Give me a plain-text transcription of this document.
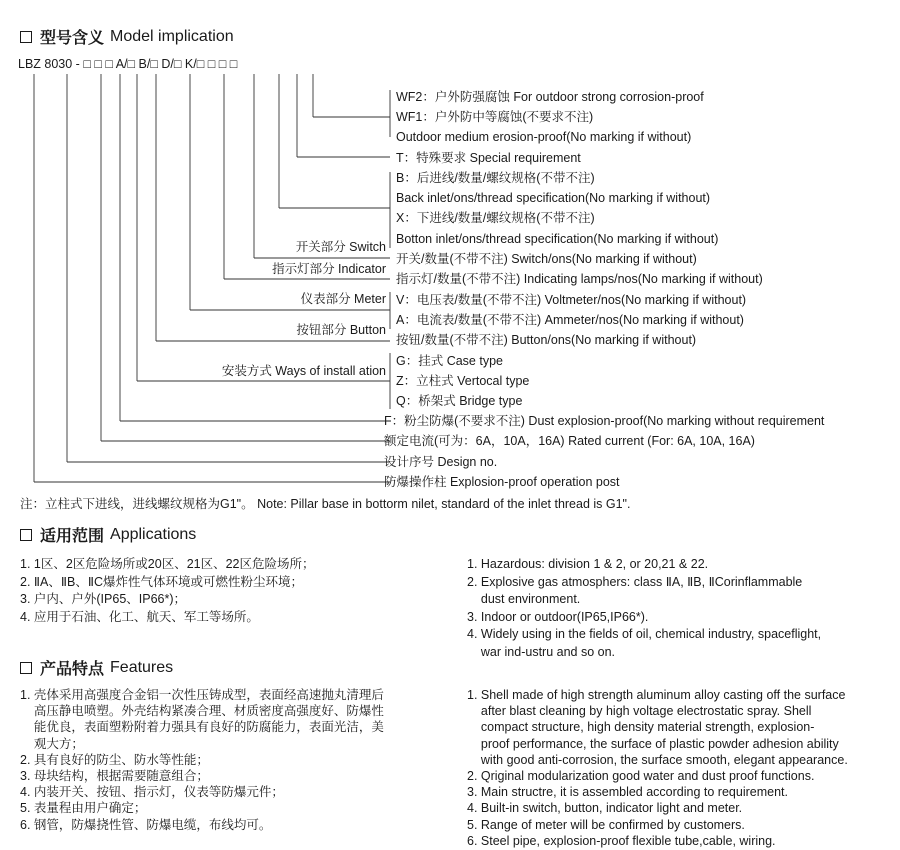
型号含义 Model implication
LBZ 8030 - □ □ □ A/□ B/□ D/□ K/□ □ □ □
WF2：户外防强腐蚀 For outdoor strong corrosion-proof
WF1：户外防中等腐蚀(不要求不注)
Outdoor medium erosion-proof(No marking if without)
T：特殊要求 Special requirement
B：后进线/数量/螺纹规格(不带不注)
Back inlet/ons/thread specification(No marking if without)
X：下进线/数量/螺纹规格(不带不注)
Botton inlet/ons/thread specification(No marking if without)
开关/数量(不带不注) Switch/ons(No marking if without)
指示灯/数量(不带不注) Indicating lamps/nos(No marking if without)
V：电压表/数量(不带不注) Voltmeter/nos(No marking if without)
A：电流表/数量(不带不注) Ammeter/nos(No marking if without)
按钮/数量(不带不注) Button/ons(No marking if without)
G：挂式 Case type
Z：立柱式 Vertocal type
Q：桥架式 Bridge type
F：粉尘防爆(不要求不注) Dust explosion-proof(No marking without requirement
额定电流(可为：6A，10A，16A) Rated current (For: 6A, 10A, 16A)
设计序号 Design no.
防爆操作柱 Explosion-proof operation post
开关部分 Switch
指示灯部分 Indicator
仪表部分 Meter
按钮部分 Button
安装方式 Ways of install ation
注：立柱式下进线，进线螺纹规格为G1"。 Note: Pillar base in bottorm nilet, standard of the inlet thread is G1".
适用范围 Applications
1. 1区、2区危险场所或20区、21区、22区危险场所；
2. ⅡA、ⅡB、ⅡC爆炸性气体环境或可燃性粉尘环境；
3. 户内、户外(IP65、IP66*)；
4. 应用于石油、化工、航天、军工等场所。
1. Hazardous: division 1 & 2, or 20,21 & 22.
2. Explosive gas atmosphers: class ⅡA, ⅡB, ⅡCorinflammable
dust environment.
3. Indoor or outdoor(IP65,IP66*).
4. Widely using in the fields of oil, chemical industry, spaceflight,
war ind-ustru and so on.
产品特点 Features
1. 壳体采用高强度合金铝一次性压铸成型，表面经高速抛丸清理后
高压静电喷塑。外壳结构紧凑合理、材质密度高强度好、防爆性
能优良，表面塑粉附着力强具有良好的防腐能力，表面光洁，美
观大方；
2. 具有良好的防尘、防水等性能；
3. 母块结构，根据需要随意组合；
4. 内装开关、按钮、指示灯，仪表等防爆元件；
5. 表量程由用户确定；
6. 钢管，防爆挠性管、防爆电缆，布线均可。
1. Shell made of high strength aluminum alloy casting off the surface
after blast cleaning by high voltage electrostatic spray. Shell
compact structure, high density material strength, explosion-
proof performance, the surface of plastic powder adhesion ability
with good anti-corrosion, the surface smooth, elegant appearance.
2. Qriginal modularization good water and dust proof functions.
3. Main structre, it is assembled according to requirement.
4. Built-in switch, button, indicator light and meter.
5. Range of meter will be confirmed by customers.
6. Steel pipe, explosion-proof flexible tube,cable, wiring.
